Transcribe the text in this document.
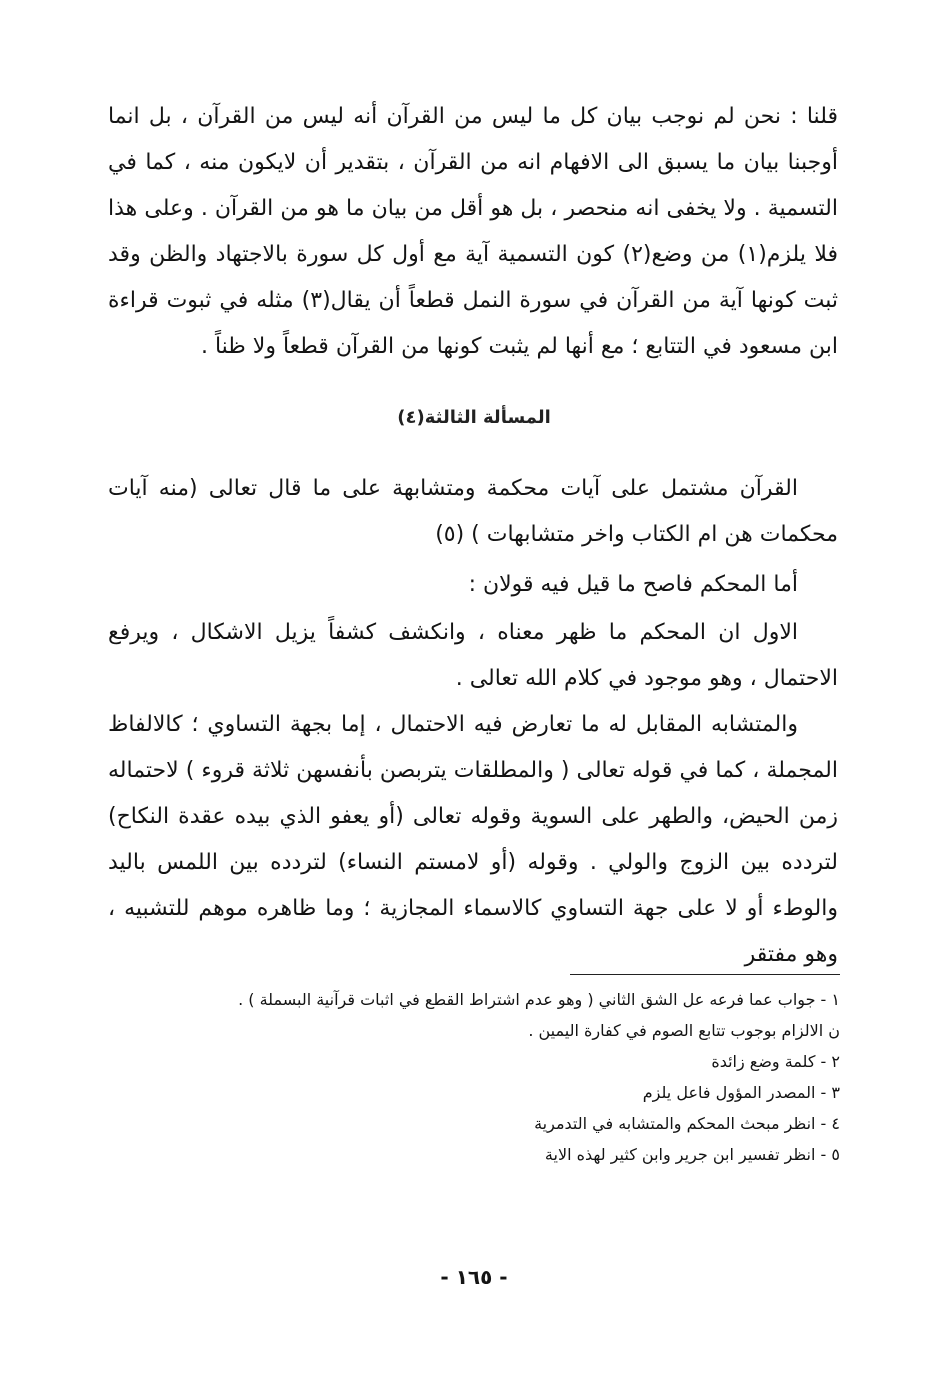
قلنا : نحن لم نوجب بيان كل ما ليس من القرآن أنه ليس من القرآن ، بل انما أوجبنا بيان ما يسبق الى الافهام انه من القرآن ، بتقدير أن لايكون منه ، كما في التسمية . ولا يخفى انه منحصر ، بل هو أقل من بيان ما هو من القرآن . وعلى هذا فلا يلزم(١) من وضع(٢) كون التسمية آية مع أول كل سورة بالاجتهاد والظن وقد ثبت كونها آية من القرآن في سورة النمل قطعاً أن يقال(٣) مثله في ثبوت قراءة ابن مسعود في التتابع ؛ مع أنها لم يثبت كونها من القرآن قطعاً ولا ظناً .

المسألة الثالثة(٤)

القرآن مشتمل على آيات محكمة ومتشابهة على ما قال تعالى (منه آيات محكمات هن ام الكتاب واخر متشابهات ) (٥)

أما المحكم فاصح ما قيل فيه قولان :

الاول ان المحكم ما ظهر معناه ، وانكشف كشفاً يزيل الاشكال ، ويرفع الاحتمال ، وهو موجود في كلام الله تعالى .

والمتشابه المقابل له ما تعارض فيه الاحتمال ، إما بجهة التساوي ؛ كالالفاظ المجملة ، كما في قوله تعالى ( والمطلقات يتربصن بأنفسهن ثلاثة قروء ) لاحتماله زمن الحيض، والطهر على السوية وقوله تعالى (أو يعفو الذي بيده عقدة النكاح) لتردده بين الزوج والولي . وقوله (أو لامستم النساء) لتردده بين اللمس باليد والوطء أو لا على جهة التساوي كالاسماء المجازية ؛ وما ظاهره موهم للتشبيه ، وهو مفتقر

١ - جواب عما فرعه عل الشق الثاني ( وهو عدم اشتراط القطع في اثبات قرآنية البسملة ) .
ن الالزام بوجوب تتابع الصوم في كفارة اليمين .
٢ - كلمة وضع زائدة
٣ - المصدر المؤول فاعل يلزم
٤ - انظر مبحث المحكم والمتشابه في التدمرية
٥ - انظر تفسير ابن جرير وابن كثير لهذه الاية
- ١٦٥ -
